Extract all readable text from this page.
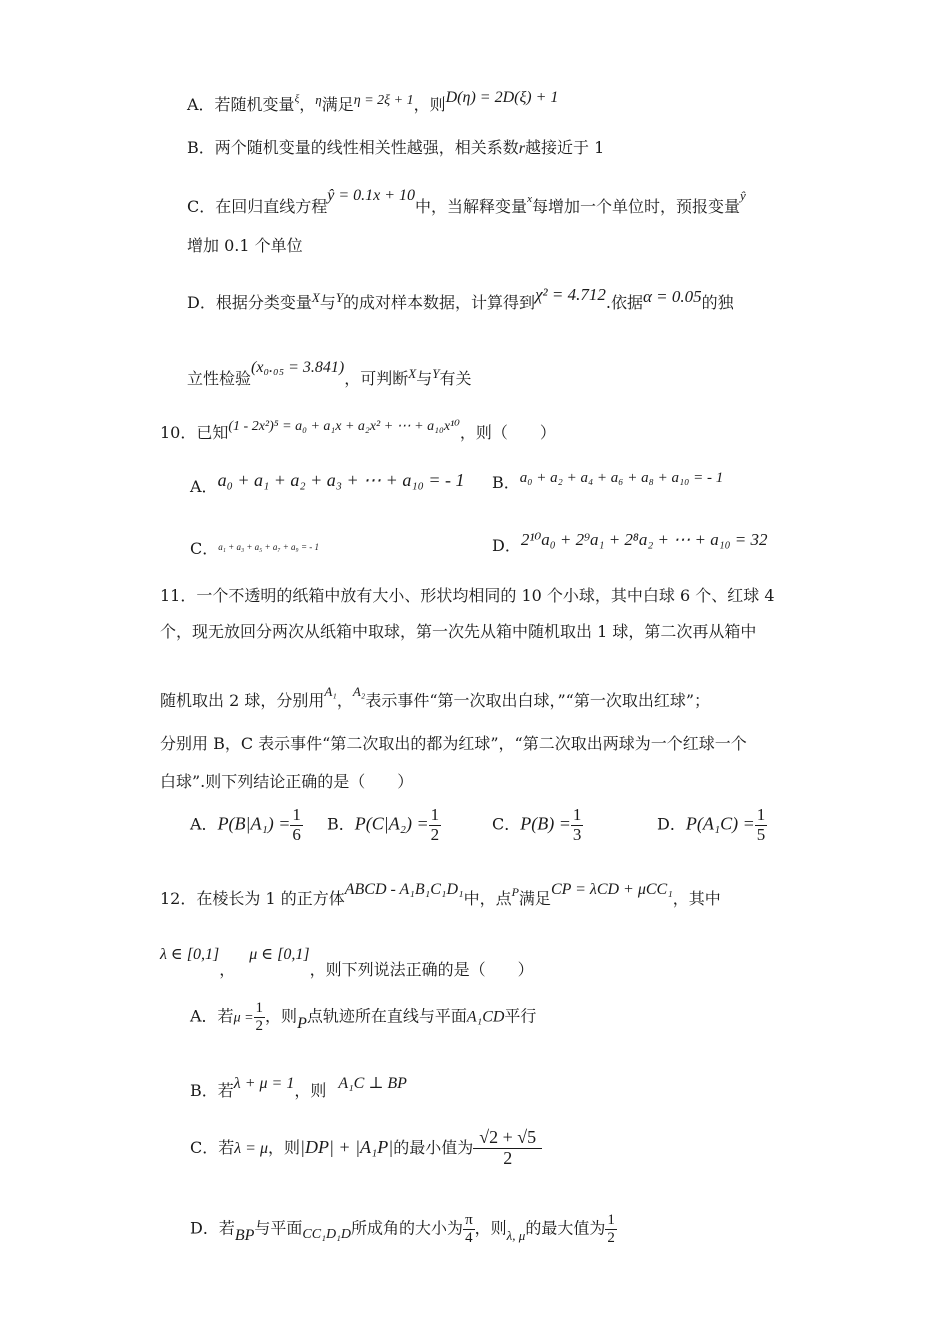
A．若随机变量$^\xi$，$^\eta$满足η = 2ξ + 1，则D(η) = 2D(ξ) + 1
B．两个随机变量的线性相关性越强，相关系数r越接近于 1
C．在回归直线方程ŷ = 0.1x + 10中，当解释变量$^x$每增加一个单位时，预报变量$^ŷ$
增加 0.1 个单位
D．根据分类变量$^X$与$^Y$的成对样本数据，计算得到χ² = 4.712.依据α = 0.05的独
立性检验(x₀.₀₅ = 3.841)，可判断$^X$与$^Y$有关
10．已知(1 - 2x²)⁵ = a₀ + a₁x + a₂x² + ⋯ + a₁₀x¹⁰，则（　　）
A．a₀ + a₁ + a₂ + a₃ + ⋯ + a₁₀ = - 1 B．a₀ + a₂ + a₄ + a₆ + a₈ + a₁₀ = - 1
C．$^{a_1 + a_3 + a_5 + a_7 + a_9 = - 1}$	D．2¹⁰a₀ + 2⁹a₁ + 2⁸a₂ + ⋯ + a₁₀ = 32
11．一个不透明的纸箱中放有大小、形状均相同的 10 个小球，其中白球 6 个、红球 4
个，现无放回分两次从纸箱中取球，第一次先从箱中随机取出 1 球，第二次再从箱中
随机取出 2 球，分别用$^{A_1}$，$^{A_2}$表示事件“第一次取出白球，”“第一次取出红球”；
分别用 B，C 表示事件“第二次取出的都为红球”，“第二次取出两球为一个红球一个
白球”.则下列结论正确的是（　　）
A．$P(B|A_1) = \frac{1}{6}$ B．$P(C|A_2) = \frac{1}{2}$	C．$P(B) = \frac{1}{3}$	D．$P(A_1C) = \frac{1}{5}$
12．在棱长为 1 的正方体ABCD - A₁B₁C₁D₁中，点$^P$满足CP = λCD + μCC₁，其中
λ ∈ [0,1]，μ ∈ [0,1]，则下列说法正确的是（　　）
A．若$\mu = \frac{1}{2}$ ，则P点轨迹所在直线与平面A₁CD平行
B．若λ + μ = 1，则 A₁C ⊥ BP
C．若λ = μ，则|DP| + |A₁P|的最小值为 $\frac{√2 + √5}{2}$
D．若BP与平面CC₁D₁D所成角的大小为 $\frac{\pi}{4}$ ，则$_{\lambda, \mu}$的最大值为 $\frac{1}{2}$
